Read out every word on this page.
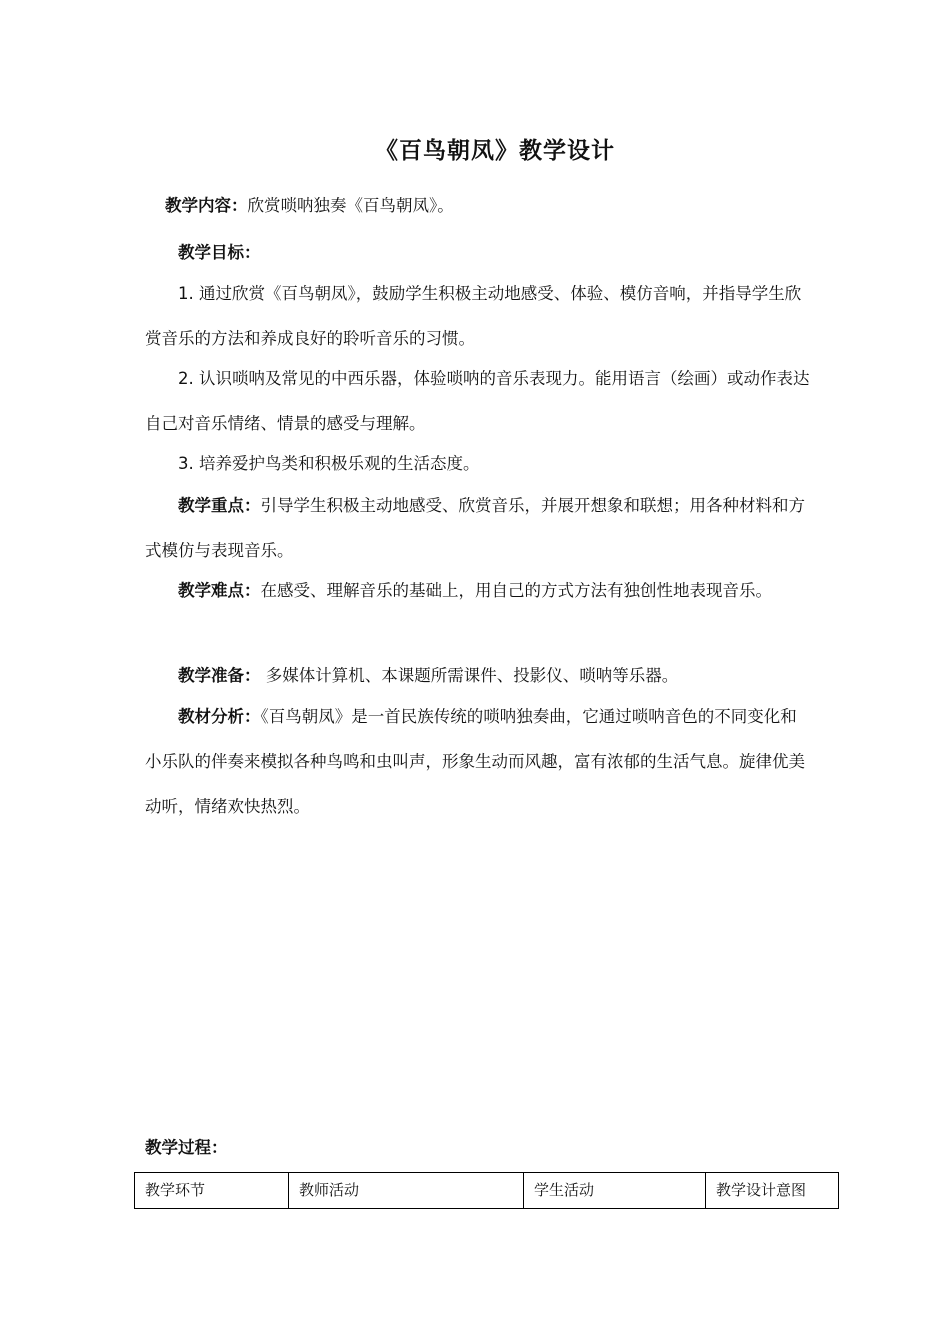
《百鸟朝凤》教学设计

教学内容：欣赏唢呐独奏《百鸟朝凤》。

教学目标：

1. 通过欣赏《百鸟朝凤》，鼓励学生积极主动地感受、体验、模仿音响，并指导学生欣赏音乐的方法和养成良好的聆听音乐的习惯。

2. 认识唢呐及常见的中西乐器，体验唢呐的音乐表现力。能用语言（绘画）或动作表达自己对音乐情绪、情景的感受与理解。

3. 培养爱护鸟类和积极乐观的生活态度。

教学重点：引导学生积极主动地感受、欣赏音乐，并展开想象和联想；用各种材料和方式模仿与表现音乐。

教学难点：在感受、理解音乐的基础上，用自己的方式方法有独创性地表现音乐。

教学准备： 多媒体计算机、本课题所需课件、投影仪、唢呐等乐器。

教材分析：《百鸟朝凤》是一首民族传统的唢呐独奏曲，它通过唢呐音色的不同变化和小乐队的伴奏来模拟各种鸟鸣和虫叫声，形象生动而风趣，富有浓郁的生活气息。旋律优美动听，情绪欢快热烈。

教学过程：
教学环节	教师活动	学生活动	教学设计意图
